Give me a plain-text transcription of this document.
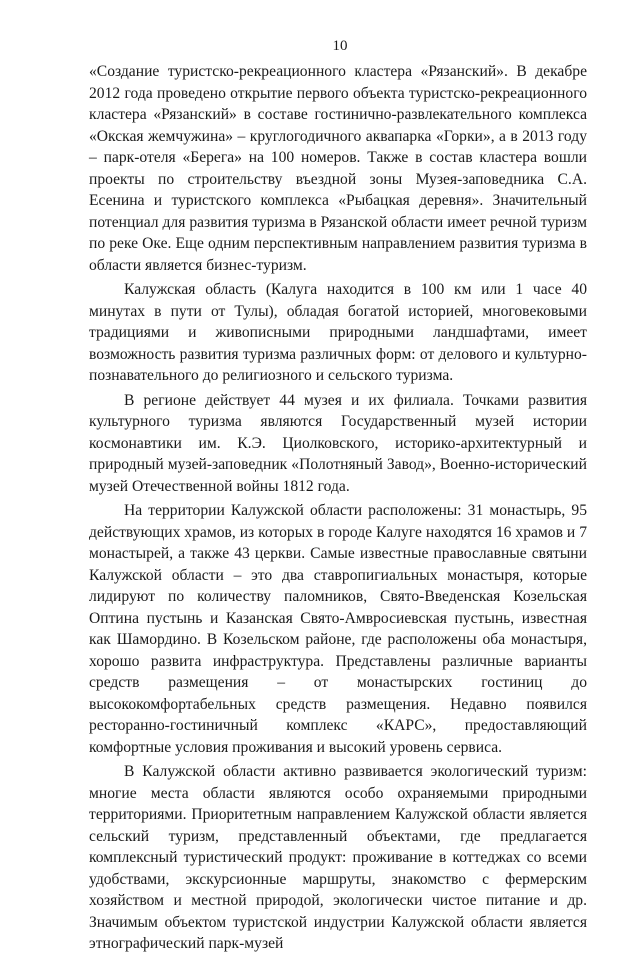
10

«Создание туристско-рекреационного кластера «Рязанский». В декабре 2012 года проведено открытие первого объекта туристско-рекреационного кластера «Рязанский» в составе гостинично-развлекательного комплекса «Окская жемчужина» – круглогодичного аквапарка «Горки», а в 2013 году – парк-отеля «Берега» на 100 номеров. Также в состав кластера вошли проекты по строительству въездной зоны Музея-заповедника С.А. Есенина и туристского комплекса «Рыбацкая деревня». Значительный потенциал для развития туризма в Рязанской области имеет речной туризм по реке Оке. Еще одним перспективным направлением развития туризма в области является бизнес-туризм.

Калужская область (Калуга находится в 100 км или 1 часе 40 минутах в пути от Тулы), обладая богатой историей, многовековыми традициями и живописными природными ландшафтами, имеет возможность развития туризма различных форм: от делового и культурно-познавательного до религиозного и сельского туризма.

В регионе действует 44 музея и их филиала. Точками развития культурного туризма являются Государственный музей истории космонавтики им. К.Э. Циолковского, историко-архитектурный и природный музей-заповедник «Полотняный Завод», Военно-исторический музей Отечественной войны 1812 года.

На территории Калужской области расположены: 31 монастырь, 95 действующих храмов, из которых в городе Калуге находятся 16 храмов и 7 монастырей, а также 43 церкви. Самые известные православные святыни Калужской области – это два ставропигиальных монастыря, которые лидируют по количеству паломников, Свято-Введенская Козельская Оптина пустынь и Казанская Свято-Амвросиевская пустынь, известная как Шамордино. В Козельском районе, где расположены оба монастыря, хорошо развита инфраструктура. Представлены различные варианты средств размещения – от монастырских гостиниц до высококомфортабельных средств размещения. Недавно появился ресторанно-гостиничный комплекс «КАРС», предоставляющий комфортные условия проживания и высокий уровень сервиса.

В Калужской области активно развивается экологический туризм: многие места области являются особо охраняемыми природными территориями. Приоритетным направлением Калужской области является сельский туризм, представленный объектами, где предлагается комплексный туристический продукт: проживание в коттеджах со всеми удобствами, экскурсионные маршруты, знакомство с фермерским хозяйством и местной природой, экологически чистое питание и др. Значимым объектом туристской индустрии Калужской области является этнографический парк-музей
